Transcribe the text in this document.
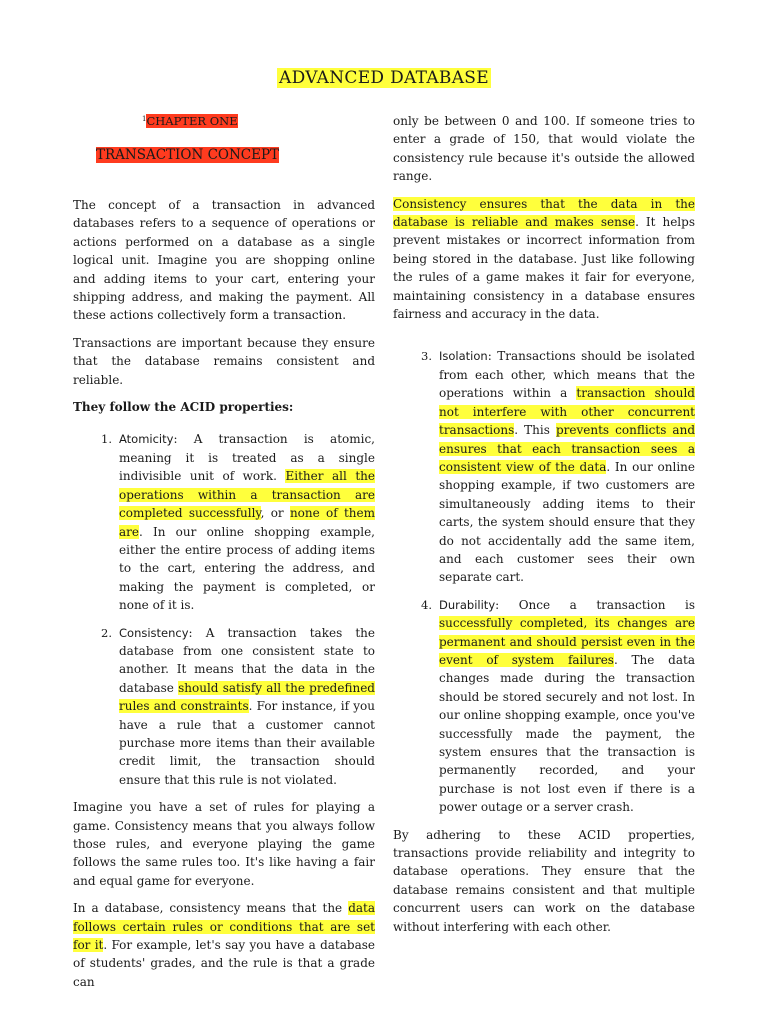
ADVANCED DATABASE
$^1$CHAPTER ONE
TRANSACTION CONCEPT

The concept of a transaction in advanced databases refers to a sequence of operations or actions performed on a database as a single logical unit. Imagine you are shopping online and adding items to your cart, entering your shipping address, and making the payment. All these actions collectively form a transaction.

Transactions are important because they ensure that the database remains consistent and reliable.

They follow the ACID properties:

1. Atomicity: A transaction is atomic, meaning it is treated as a single indivisible unit of work. Either all the operations within a transaction are completed successfully, or none of them are. In our online shopping example, either the entire process of adding items to the cart, entering the address, and making the payment is completed, or none of it is.

2. Consistency: A transaction takes the database from one consistent state to another. It means that the data in the database should satisfy all the predefined rules and constraints. For instance, if you have a rule that a customer cannot purchase more items than their available credit limit, the transaction should ensure that this rule is not violated.

Imagine you have a set of rules for playing a game. Consistency means that you always follow those rules, and everyone playing the game follows the same rules too. It's like having a fair and equal game for everyone.

In a database, consistency means that the data follows certain rules or conditions that are set for it. For example, let's say you have a database of students' grades, and the rule is that a grade can

only be between 0 and 100. If someone tries to enter a grade of 150, that would violate the consistency rule because it's outside the allowed range.

Consistency ensures that the data in the database is reliable and makes sense. It helps prevent mistakes or incorrect information from being stored in the database. Just like following the rules of a game makes it fair for everyone, maintaining consistency in a database ensures fairness and accuracy in the data.

3. Isolation: Transactions should be isolated from each other, which means that the operations within a transaction should not interfere with other concurrent transactions. This prevents conflicts and ensures that each transaction sees a consistent view of the data. In our online shopping example, if two customers are simultaneously adding items to their carts, the system should ensure that they do not accidentally add the same item, and each customer sees their own separate cart.

4. Durability: Once a transaction is successfully completed, its changes are permanent and should persist even in the event of system failures. The data changes made during the transaction should be stored securely and not lost. In our online shopping example, once you've successfully made the payment, the system ensures that the transaction is permanently recorded, and your purchase is not lost even if there is a power outage or a server crash.

By adhering to these ACID properties, transactions provide reliability and integrity to database operations. They ensure that the database remains consistent and that multiple concurrent users can work on the database without interfering with each other.
